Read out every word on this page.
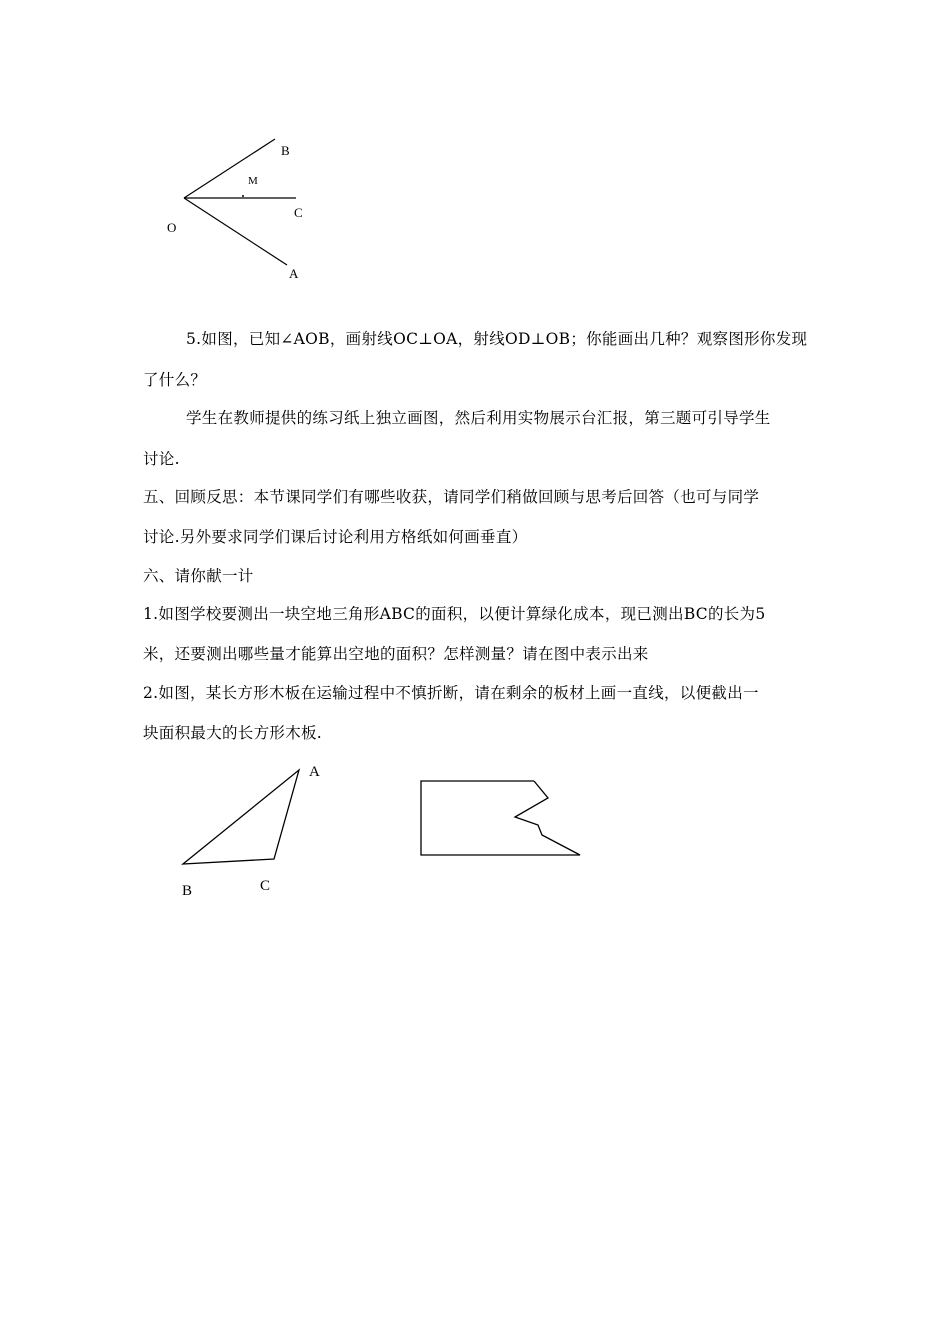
B
M
C
O
A
5.如图，已知∠AOB，画射线OC⊥OA，射线OD⊥OB；你能画出几种？观察图形你发现
了什么？
学生在教师提供的练习纸上独立画图，然后利用实物展示台汇报，第三题可引导学生
讨论.
五、回顾反思：本节课同学们有哪些收获，请同学们稍做回顾与思考后回答（也可与同学
讨论.另外要求同学们课后讨论利用方格纸如何画垂直）
六、请你献一计
1.如图学校要测出一块空地三角形ABC的面积，以便计算绿化成本，现已测出BC的长为5
米，还要测出哪些量才能算出空地的面积？怎样测量？请在图中表示出来
2.如图，某长方形木板在运输过程中不慎折断，请在剩余的板材上画一直线，以便截出一
块面积最大的长方形木板.
A
B	C
